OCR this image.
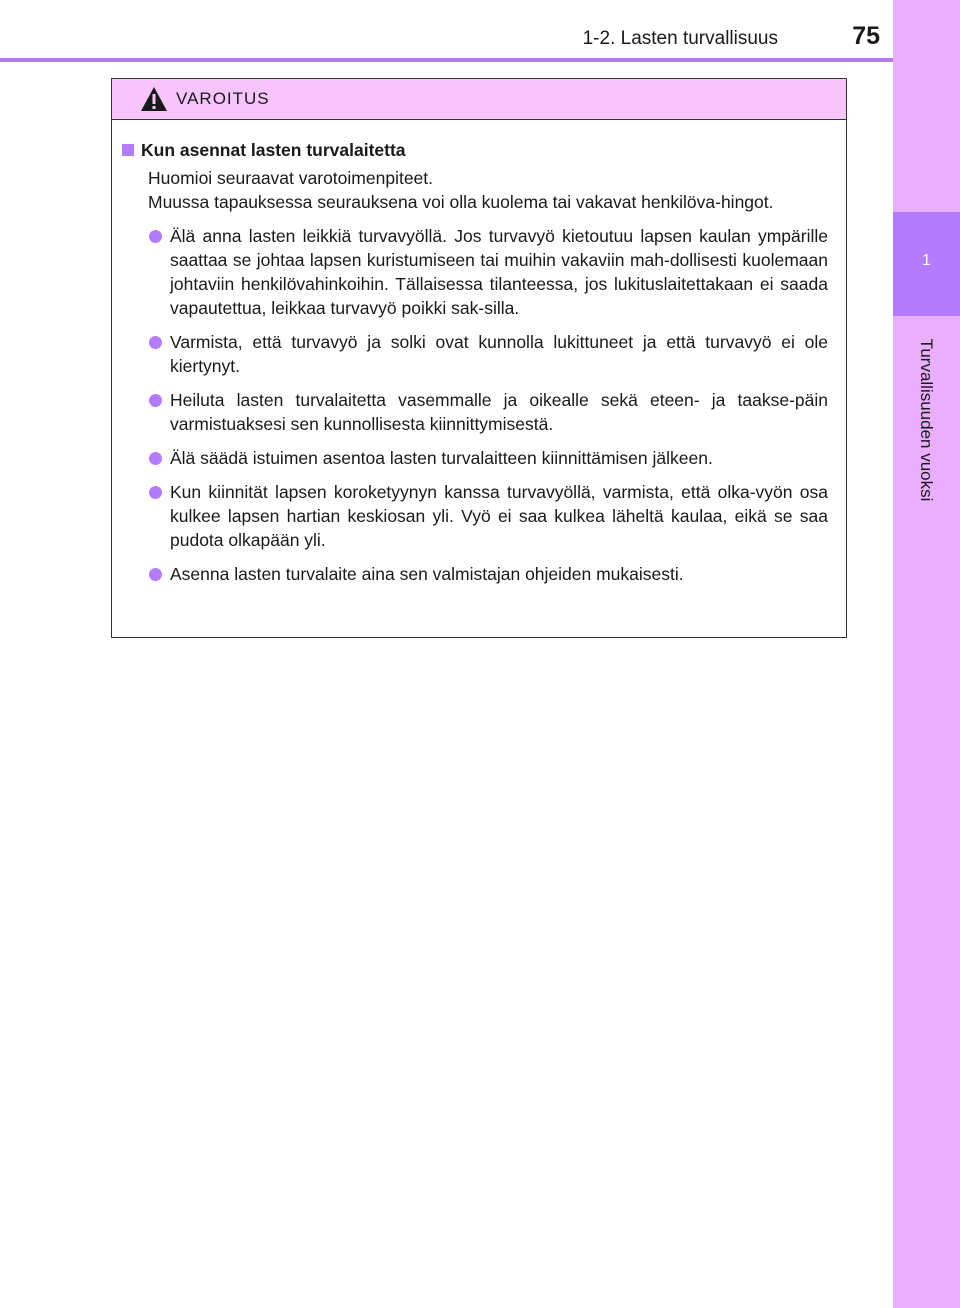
1-2. Lasten turvallisuus	75
1
Turvallisuuden vuoksi
VAROITUS
Kun asennat lasten turvalaitetta
Huomioi seuraavat varotoimenpiteet.
Muussa tapauksessa seurauksena voi olla kuolema tai vakavat henkilöva-hingot.
Älä anna lasten leikkiä turvavyöllä. Jos turvavyö kietoutuu lapsen kaulan ympärille saattaa se johtaa lapsen kuristumiseen tai muihin vakaviin mah-dollisesti kuolemaan johtaviin henkilövahinkoihin. Tällaisessa tilanteessa, jos lukituslaitettakaan ei saada vapautettua, leikkaa turvavyö poikki sak-silla.
Varmista, että turvavyö ja solki ovat kunnolla lukittuneet ja että turvavyö ei ole kiertynyt.
Heiluta lasten turvalaitetta vasemmalle ja oikealle sekä eteen- ja taakse-päin varmistuaksesi sen kunnollisesta kiinnittymisestä.
Älä säädä istuimen asentoa lasten turvalaitteen kiinnittämisen jälkeen.
Kun kiinnität lapsen koroketyynyn kanssa turvavyöllä, varmista, että olka-vyön osa kulkee lapsen hartian keskiosan yli. Vyö ei saa kulkea läheltä kaulaa, eikä se saa pudota olkapään yli.
Asenna lasten turvalaite aina sen valmistajan ohjeiden mukaisesti.
